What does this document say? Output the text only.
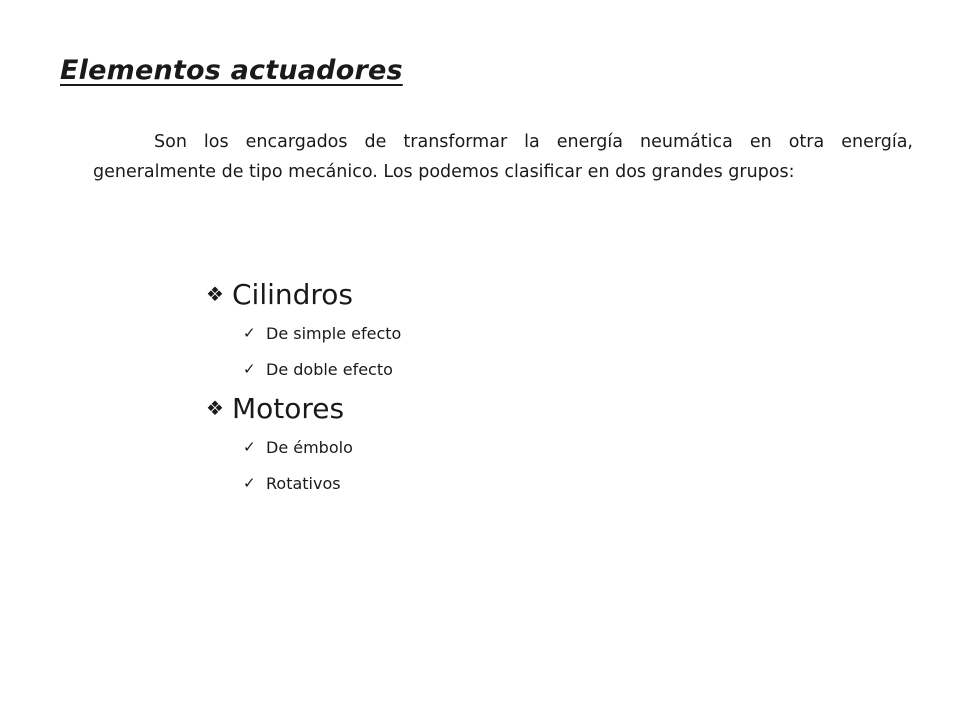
Elementos actuadores

Son los encargados de transformar la energía neumática en otra energía, generalmente de tipo mecánico. Los podemos clasificar en dos grandes grupos:

❖ Cilindros
✓ De simple efecto
✓ De doble efecto
❖ Motores
✓ De émbolo
✓ Rotativos
